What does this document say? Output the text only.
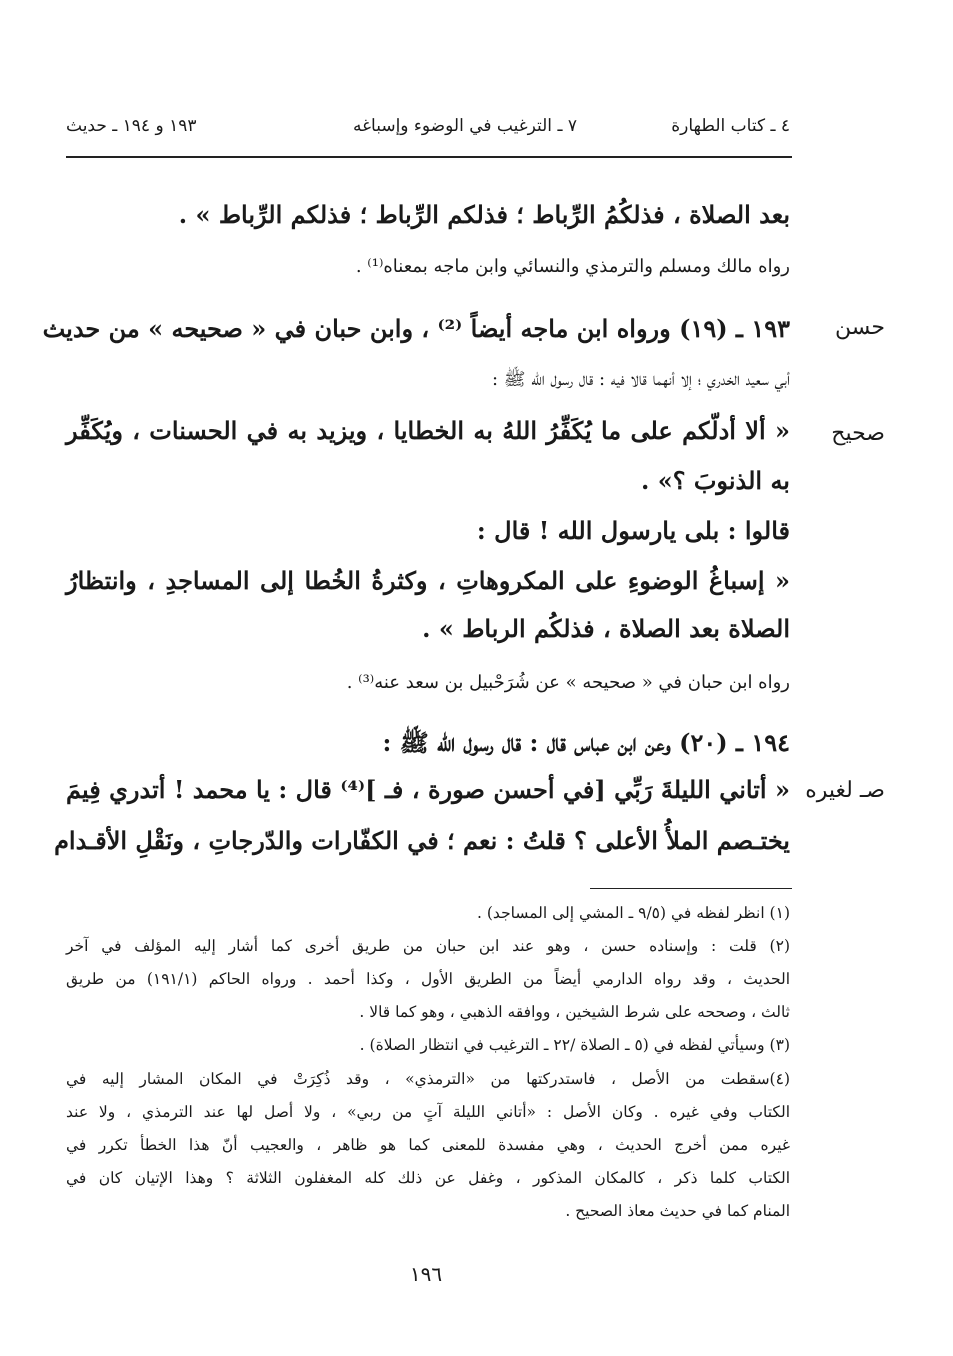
٤ ـ كتاب الطهارة
٧ ـ الترغيب في الوضوء وإسباغه
١٩٣ و ١٩٤ ـ حديث
حسن
صحيح
صـ لغيره
بعد الصلاة ، فذلكُمُ الرِّباط ؛ فذلكم الرِّباط ؛ فذلكم الرِّباط » .
رواه مالك ومسلم والترمذي والنسائي وابن ماجه بمعناه⁽¹⁾ .
١٩٣ ـ (١٩) ورواه ابن ماجه أيضاً ⁽²⁾ ، وابن حبان في « صحيحه » من حديث
أبي سعيد الخدري ؛ إلا أنهما قالا فيه : قال رسول الله ﷺ :
« ألا أدلّكم على ما يُكَفِّرُ اللهُ به الخطايا ، ويزيد به في الحسنات ، ويُكَفِّر
به الذنوبَ ؟» .
قالوا : بلى يارسول الله ! قال :
« إسباغُ الوضوءِ على المكروهاتِ ، وكثرةُ الخُطا إلى المساجدِ ، وانتظارُ
الصلاة بعد الصلاة ، فذلكُم الرباط » .
رواه ابن حبان في « صحيحه » عن شُرَحْبيل بن سعد عنه⁽³⁾ .
١٩٤ ـ (٢٠) وعن ابن عباس قال : قال رسول الله ﷺ :
« أتاني الليلةَ رَبِّي [في أحسن صورة ، فـ ]⁽⁴⁾ قال : يا محمد ! أتدري فِيمَ
يختـصم الملأُ الأعلى ؟ قلتُ : نعم ؛ في الكفّارات والدّرجاتِ ، ونَقْلِ الأقـدام
(١) انظر لفظه في (٩/٥ ـ المشي إلى المساجد) .
(٢) قلت : وإسناده حسن ، وهو عند ابن حبان من طريق أخرى كما أشار إليه المؤلف في آخر
الحديث ، وقد رواه الدارمي أيضاً من الطريق الأول ، وكذا أحمد . ورواه الحاكم (١٩١/١) من طريق
ثالث ، وصححه على شرط الشيخين ، ووافقه الذهبي ، وهو كما قالا .
(٣) وسيأتي لفظه في (٥ ـ الصلاة /٢٢ ـ الترغيب في انتظار الصلاة) .
(٤)سقطت من الأصل ، فاستدركتها من «الترمذي» ، وقد ذُكِرَتْ في المكان المشار إليه في
الكتاب وفي غيره . وكان الأصل : «أتاني الليلة آتٍ من ربي» ، ولا أصل لها عند الترمذي ، ولا عند
غيره ممن أخرج الحديث ، وهي مفسدة للمعنى كما هو ظاهر ، والعجيب أنّ هذا الخطأ تكرر في
الكتاب كلما ذكر ، كالمكان المذكور ، وغفل عن ذلك كله المغفلون الثلاثة ؟ وهذا الإتيان كان في
المنام كما في حديث معاذ الصحيح .
١٩٦
